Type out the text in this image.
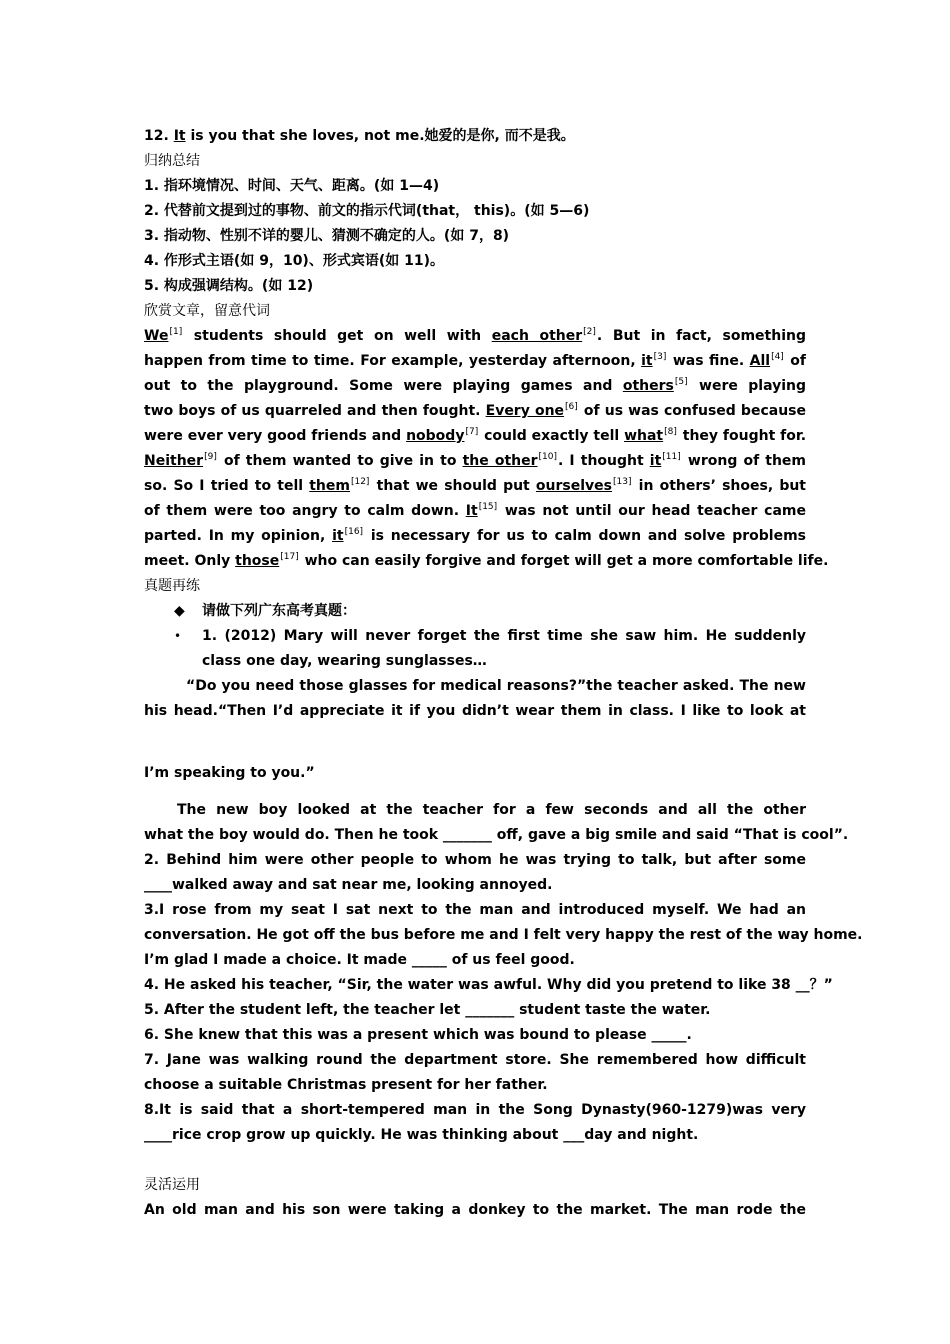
12. It is you that she loves, not me.她爱的是你, 而不是我。
归纳总结
1. 指环境情况、时间、天气、距离。(如 1—4)
2. 代替前文提到过的事物、前文的指示代词(that， this)。(如 5—6)
3. 指动物、性别不详的婴儿、猜测不确定的人。(如 7，8)
4. 作形式主语(如 9，10)、形式宾语(如 11)。
5. 构成强调结构。(如 12)
欣赏文章，留意代词
We[1] students should get on well with each other[2]. But in fact, something
happen from time to time. For example, yesterday afternoon, it[3] was fine. All[4] of
out to the playground. Some were playing games and others[5] were playing
two boys of us quarreled and then fought. Every one[6] of us was confused because
were ever very good friends and nobody[7] could exactly tell what[8] they fought for.
Neither[9] of them wanted to give in to the other[10]. I thought it[11] wrong of them
so. So I tried to tell them[12] that we should put ourselves[13] in others’ shoes, but
of them were too angry to calm down. It[15] was not until our head teacher came
parted. In my opinion, it[16] is necessary for us to calm down and solve problems
meet. Only those[17] who can easily forgive and forget will get a more comfortable life.
真题再练
◆	请做下列广东高考真题：
•	1. (2012) Mary will never forget the first time she saw him. He suddenly
class one day, wearing sunglasses…
“Do you need those glasses for medical reasons?”the teacher asked. The new
his head.“Then I’d appreciate it if you didn’t wear them in class. I like to look at
I’m speaking to you.”
The new boy looked at the teacher for a few seconds and all the other
what the boy would do. Then he took _______ off, gave a big smile and said “That is cool”.
2. Behind him were other people to whom he was trying to talk, but after some
____walked away and sat near me, looking annoyed.
3.I rose from my seat I sat next to the man and introduced myself. We had an
conversation. He got off the bus before me and I felt very happy the rest of the way home.
I’m glad I made a choice. It made _____ of us feel good.
4. He asked his teacher, “Sir, the water was awful. Why did you pretend to like 38 __？”
5. After the student left, the teacher let _______ student taste the water.
6. She knew that this was a present which was bound to please _____.
7. Jane was walking round the department store. She remembered how difficult
choose a suitable Christmas present for her father.
8.It is said that a short-tempered man in the Song Dynasty(960-1279)was very
____rice crop grow up quickly. He was thinking about ___day and night.
灵活运用
An old man and his son were taking a donkey to the market. The man rode the
